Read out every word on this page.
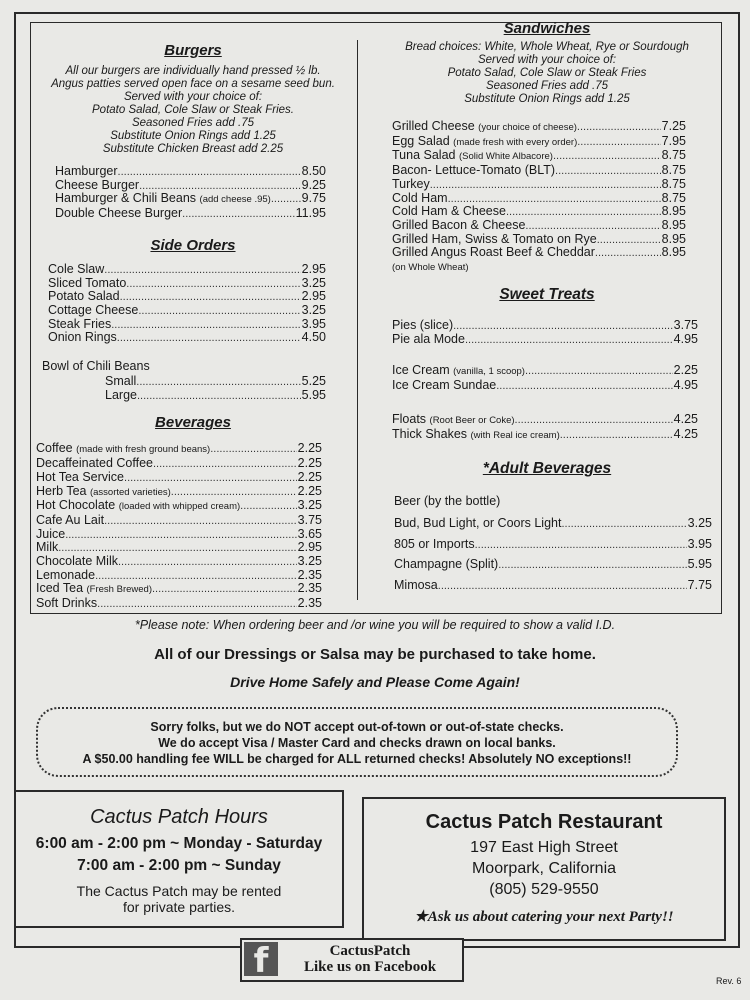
Burgers
All our burgers are individually hand pressed ½ lb.
Angus patties served open face on a sesame seed bun.
Served with your choice of:
Potato Salad, Cole Slaw or Steak Fries.
Seasoned Fries add .75
Substitute Onion Rings add 1.25
Substitute Chicken Breast add 2.25
Hamburger .....	8.50
Cheese Burger .....	9.25
Hamburger & Chili Beans
(add cheese .95) ..... 9.75
Double Cheese Burger .....	11.95
Side Orders
Cole Slaw .....	2.95
Sliced Tomato .....	3.25
Potato Salad .....	2.95
Cottage Cheese .....	3.25
Steak Fries .....	3.95
Onion Rings .....	4.50
Bowl of Chili Beans
Small .....	5.25
Large .....	5.95
Beverages
Coffee
(made with fresh ground beans) .....	2.25
Decaffeinated Coffee .....	2.25
Hot Tea Service .....	2.25
Herb Tea
(assorted varieties) .....	2.25
Hot Chocolate
(loaded with whipped cream) .....	3.25
Cafe Au Lait .....	3.75
Juice .....	3.65
Milk .....	2.95
Chocolate Milk .....	3.25
Lemonade .....	2.35
Iced Tea
(Fresh Brewed) .....	2.35
Soft Drinks .....	2.35
Sandwiches
Bread choices: White, Whole Wheat, Rye or Sourdough
Served with your choice of:
Potato Salad, Cole Slaw or Steak Fries
Seasoned Fries add .75
Substitute Onion Rings add 1.25
Grilled Cheese
(your choice of cheese) .....	7.25
Egg Salad
(made fresh with every order) .....	7.95
Tuna Salad
(Solid White Albacore) .....	8.75
Bacon- Lettuce-Tomato (BLT) .....	8.75
Turkey .....	8.75
Cold Ham .....	8.75
Cold Ham & Cheese .....	8.95
Grilled Bacon & Cheese .....	8.95
Grilled Ham, Swiss & Tomato on Rye .....	8.95
Grilled Angus Roast Beef & Cheddar .....	8.95
(on Whole Wheat)
Sweet Treats
Pies (slice) .....	3.75
Pie ala Mode .....	4.95
Ice Cream
(vanilla, 1 scoop) .....	2.25
Ice Cream Sundae .....	4.95
Floats
(Root Beer or Coke) .....	4.25
Thick Shakes
(with Real ice cream) .....	4.25
*Adult Beverages
Beer (by the bottle)
Bud, Bud Light, or Coors Light .....	3.25
805 or Imports .....	3.95
Champagne (Split) .....	5.95
Mimosa .....	7.75
*Please note: When ordering beer and /or wine you will be required to show a valid I.D.
All of our Dressings or Salsa may be purchased to take home.
Drive Home Safely and Please Come Again!
Sorry folks, but we do NOT accept out-of-town or out-of-state checks.
We do accept Visa / Master Card and checks drawn on local banks.
A $50.00 handling fee WILL be charged for ALL returned checks! Absolutely NO exceptions!!
Cactus Patch Hours
6:00 am - 2:00 pm ~ Monday - Saturday
7:00 am - 2:00 pm ~ Sunday
The Cactus Patch may be rented
for private parties.
Cactus Patch Restaurant
197 East High Street
Moorpark, California
(805) 529-9550
★Ask us about catering your next Party!!
f	CactusPatch
Like us on Facebook
Rev. 6
